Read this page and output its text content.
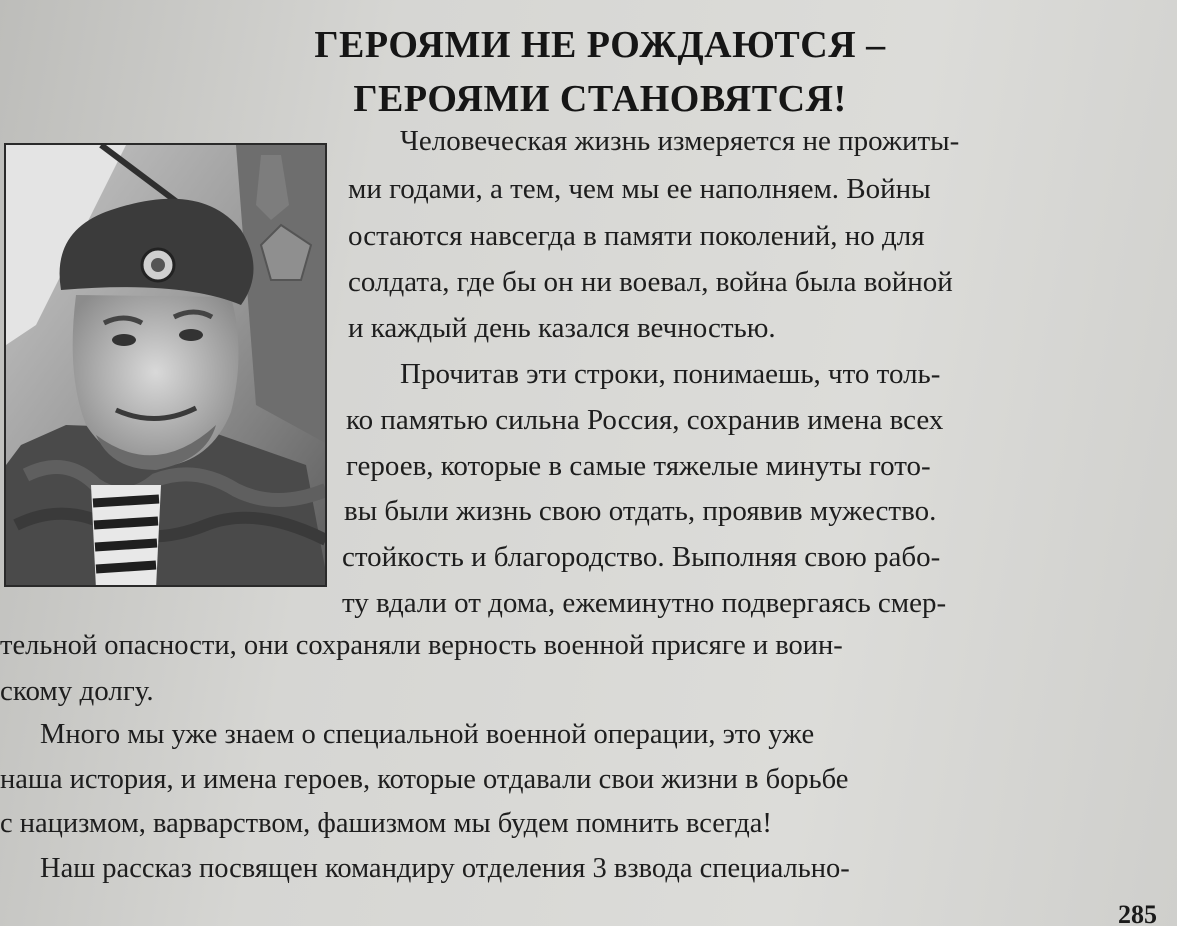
ГЕРОЯМИ НЕ РОЖДАЮТСЯ –
ГЕРОЯМИ СТАНОВЯТСЯ!
Человеческая жизнь измеряется не прожиты-
ми годами, а тем, чем мы ее наполняем. Войны
остаются навсегда в памяти поколений, но для
солдата, где бы он ни воевал, война была войной
и каждый день казался вечностью.
Прочитав эти строки, понимаешь, что толь-
ко памятью сильна Россия, сохранив имена всех
героев, которые в самые тяжелые минуты гото-
вы были жизнь свою отдать, проявив мужество.
стойкость и благородство. Выполняя свою рабо-
ту вдали от дома, ежеминутно подвергаясь смер-
тельной опасности, они сохраняли верность военной присяге и воин-
скому долгу.
Много мы уже знаем о специальной военной операции, это уже
наша история, и имена героев, которые отдавали свои жизни в борьбе
с нацизмом, варварством, фашизмом мы будем помнить всегда!
Наш рассказ посвящен командиру отделения 3 взвода специально-
285
